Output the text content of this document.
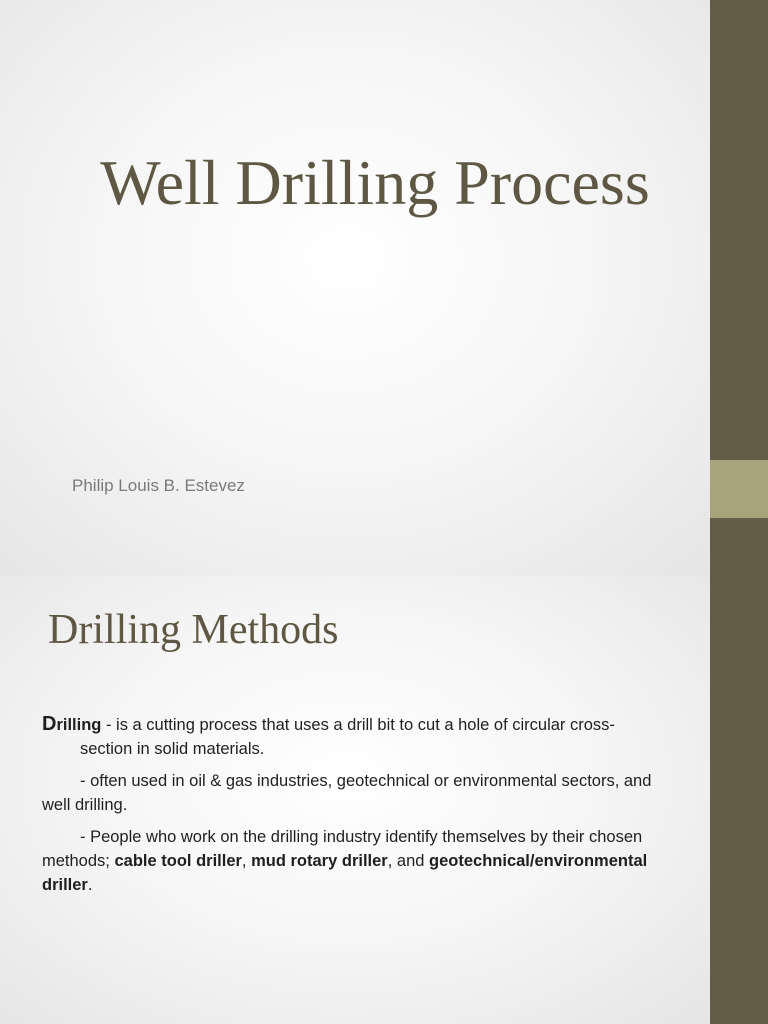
Well Drilling Process

Philip Louis B. Estevez

Drilling Methods

Drilling - is a cutting process that uses a drill bit to cut a hole of circular cross-section in solid materials.

- often used in oil & gas industries, geotechnical or environmental sectors, and well drilling.

- People who work on the drilling industry identify themselves by their chosen methods; cable tool driller, mud rotary driller, and geotechnical/environmental driller.
